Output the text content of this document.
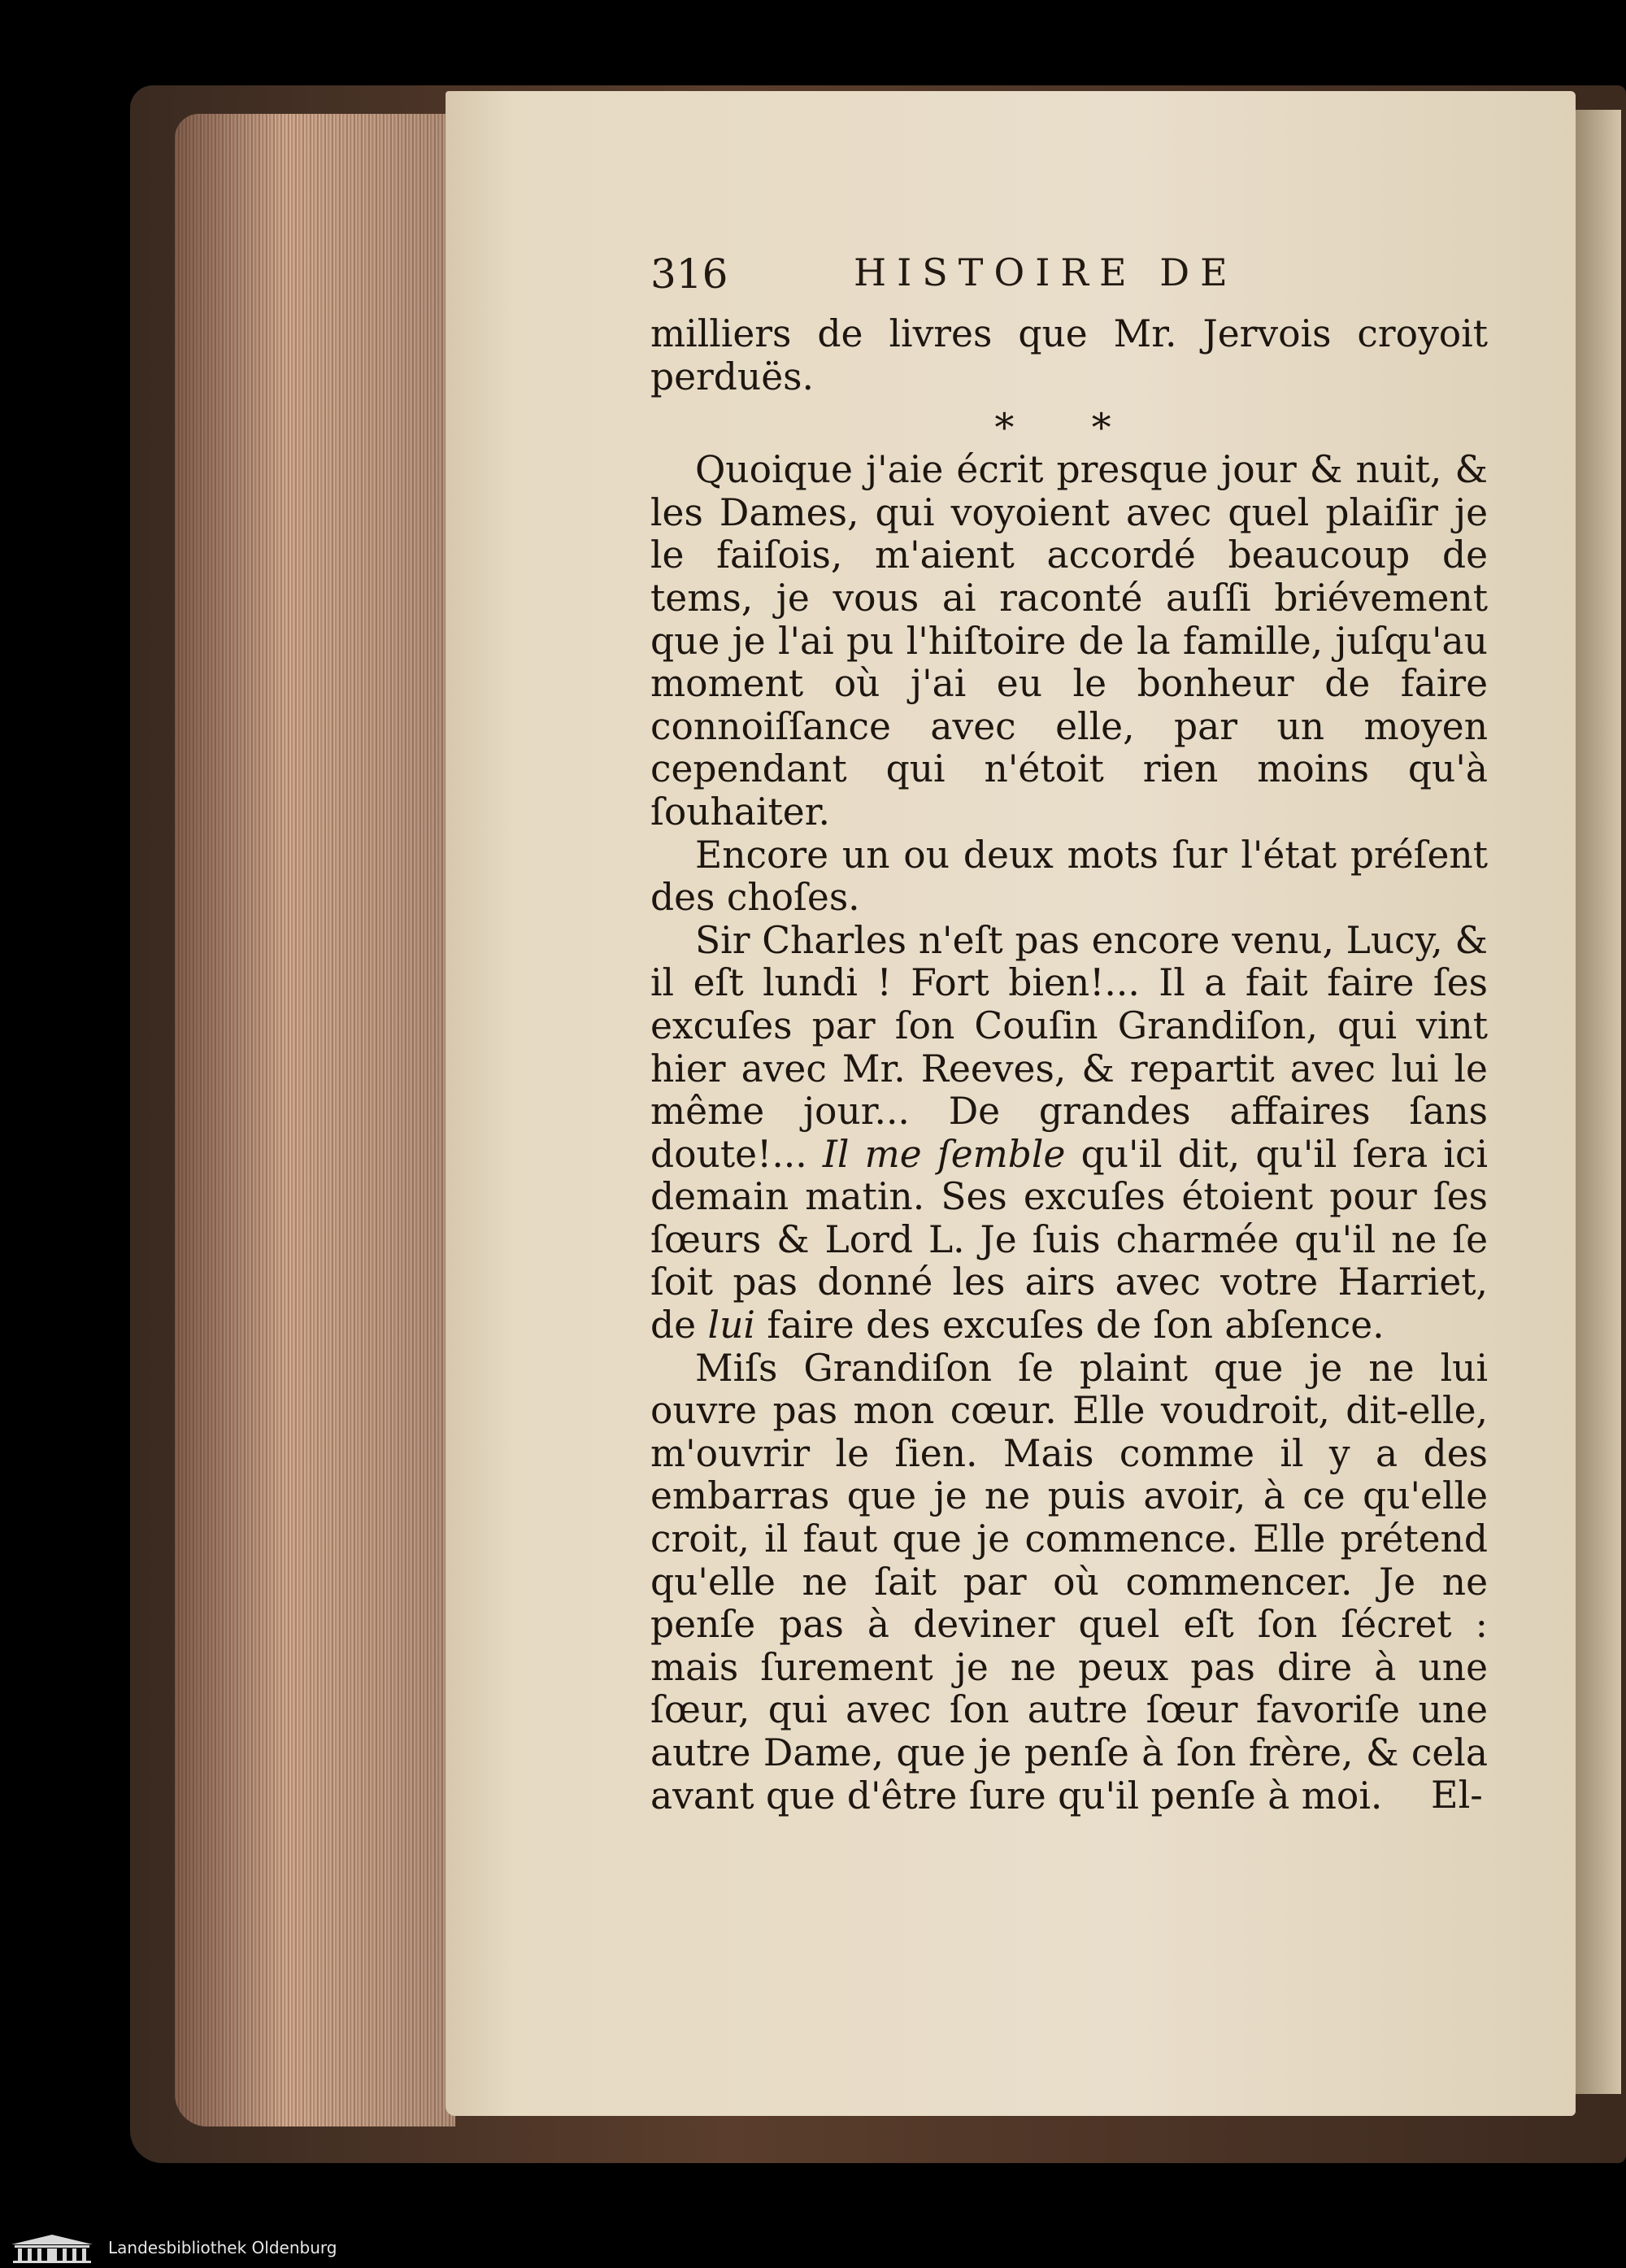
316	HISTOIRE DE

milliers de livres que Mr. Jervois croyoit perduës.

* *

Quoique j'aie écrit presque jour & nuit, & les Dames, qui voyoient avec quel plaiſir je le faiſois, m'aient accordé beaucoup de tems, je vous ai raconté auſſi briévement que je l'ai pu l'hiſtoire de la famille, juſqu'au moment où j'ai eu le bonheur de faire connoiſſance avec elle, par un moyen cependant qui n'étoit rien moins qu'à ſouhaiter.

Encore un ou deux mots ſur l'état préſent des choſes.

Sir Charles n'eſt pas encore venu, Lucy, & il eſt lundi ! Fort bien!... Il a fait faire ſes excuſes par ſon Couſin Grandiſon, qui vint hier avec Mr. Reeves, & repartit avec lui le même jour... De grandes affaires ſans doute!... Il me ſemble qu'il dit, qu'il ſera ici demain matin. Ses excuſes étoient pour ſes ſœurs & Lord L. Je ſuis charmée qu'il ne ſe ſoit pas donné les airs avec votre Harriet, de lui faire des excuſes de ſon abſence.

Miſs Grandiſon ſe plaint que je ne lui ouvre pas mon cœur. Elle voudroit, dit-elle, m'ouvrir le ſien. Mais comme il y a des embarras que je ne puis avoir, à ce qu'elle croit, il faut que je commence. Elle prétend qu'elle ne ſait par où commencer. Je ne penſe pas à deviner quel eſt ſon ſécret : mais ſurement je ne peux pas dire à une ſœur, qui avec ſon autre ſœur favoriſe une autre Dame, que je penſe à ſon frère, & cela avant que d'être ſure qu'il penſe à moi.	El-
Landesbibliothek Oldenburg
